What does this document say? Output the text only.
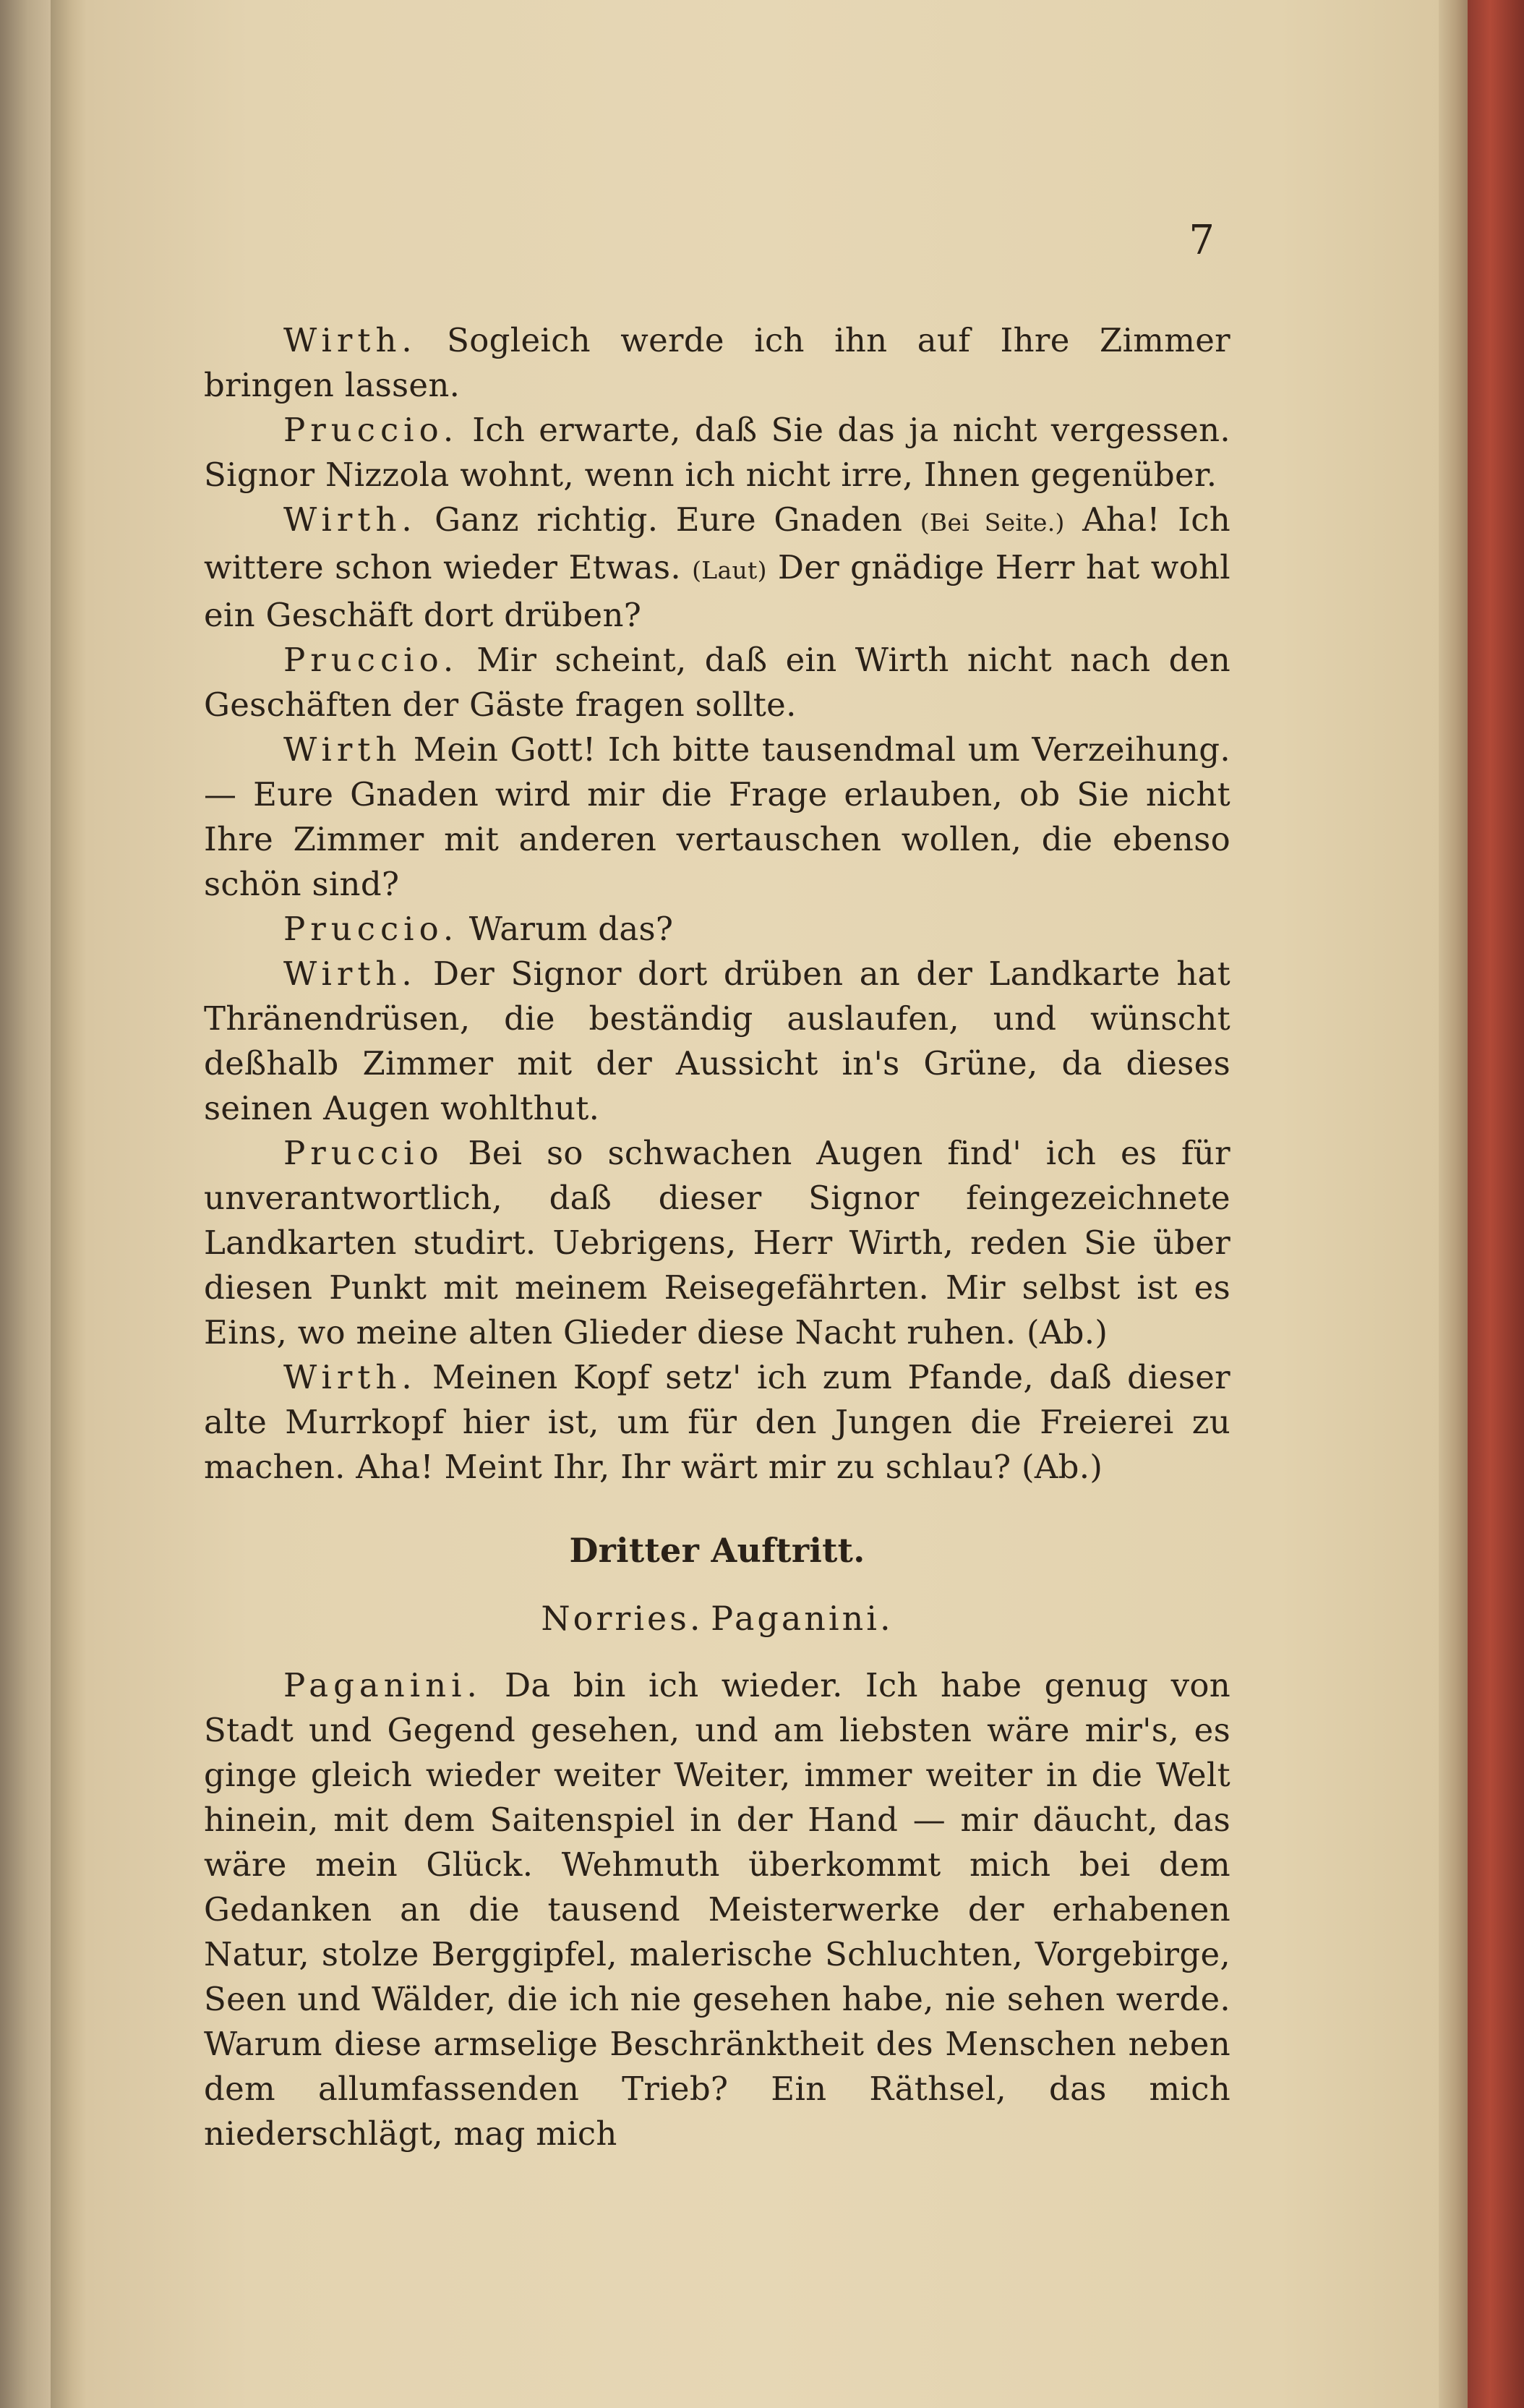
7

Wirth. Sogleich werde ich ihn auf Ihre Zimmer bringen lassen.

Pruccio. Ich erwarte, daß Sie das ja nicht vergessen. Signor Nizzola wohnt, wenn ich nicht irre, Ihnen gegenüber.

Wirth. Ganz richtig. Eure Gnaden (Bei Seite.) Aha! Ich wittere schon wieder Etwas. (Laut) Der gnädige Herr hat wohl ein Geschäft dort drüben?

Pruccio. Mir scheint, daß ein Wirth nicht nach den Geschäften der Gäste fragen sollte.

Wirth Mein Gott! Ich bitte tausendmal um Verzeihung. — Eure Gnaden wird mir die Frage erlauben, ob Sie nicht Ihre Zimmer mit anderen vertauschen wollen, die ebenso schön sind?

Pruccio. Warum das?

Wirth. Der Signor dort drüben an der Landkarte hat Thränendrüsen, die beständig auslaufen, und wünscht deßhalb Zimmer mit der Aussicht in's Grüne, da dieses seinen Augen wohlthut.

Pruccio Bei so schwachen Augen find' ich es für unverantwortlich, daß dieser Signor feingezeichnete Landkarten studirt. Uebrigens, Herr Wirth, reden Sie über diesen Punkt mit meinem Reisegefährten. Mir selbst ist es Eins, wo meine alten Glieder diese Nacht ruhen. (Ab.)

Wirth. Meinen Kopf setz' ich zum Pfande, daß dieser alte Murrkopf hier ist, um für den Jungen die Freierei zu machen. Aha! Meint Ihr, Ihr wärt mir zu schlau? (Ab.)

Dritter Auftritt.

Norries. Paganini.

Paganini. Da bin ich wieder. Ich habe genug von Stadt und Gegend gesehen, und am liebsten wäre mir's, es ginge gleich wieder weiter Weiter, immer weiter in die Welt hinein, mit dem Saitenspiel in der Hand — mir däucht, das wäre mein Glück. Wehmuth überkommt mich bei dem Gedanken an die tausend Meisterwerke der erhabenen Natur, stolze Berggipfel, malerische Schluchten, Vorgebirge, Seen und Wälder, die ich nie gesehen habe, nie sehen werde. Warum diese armselige Beschränktheit des Menschen neben dem allumfassenden Trieb? Ein Räthsel, das mich niederschlägt, mag mich
